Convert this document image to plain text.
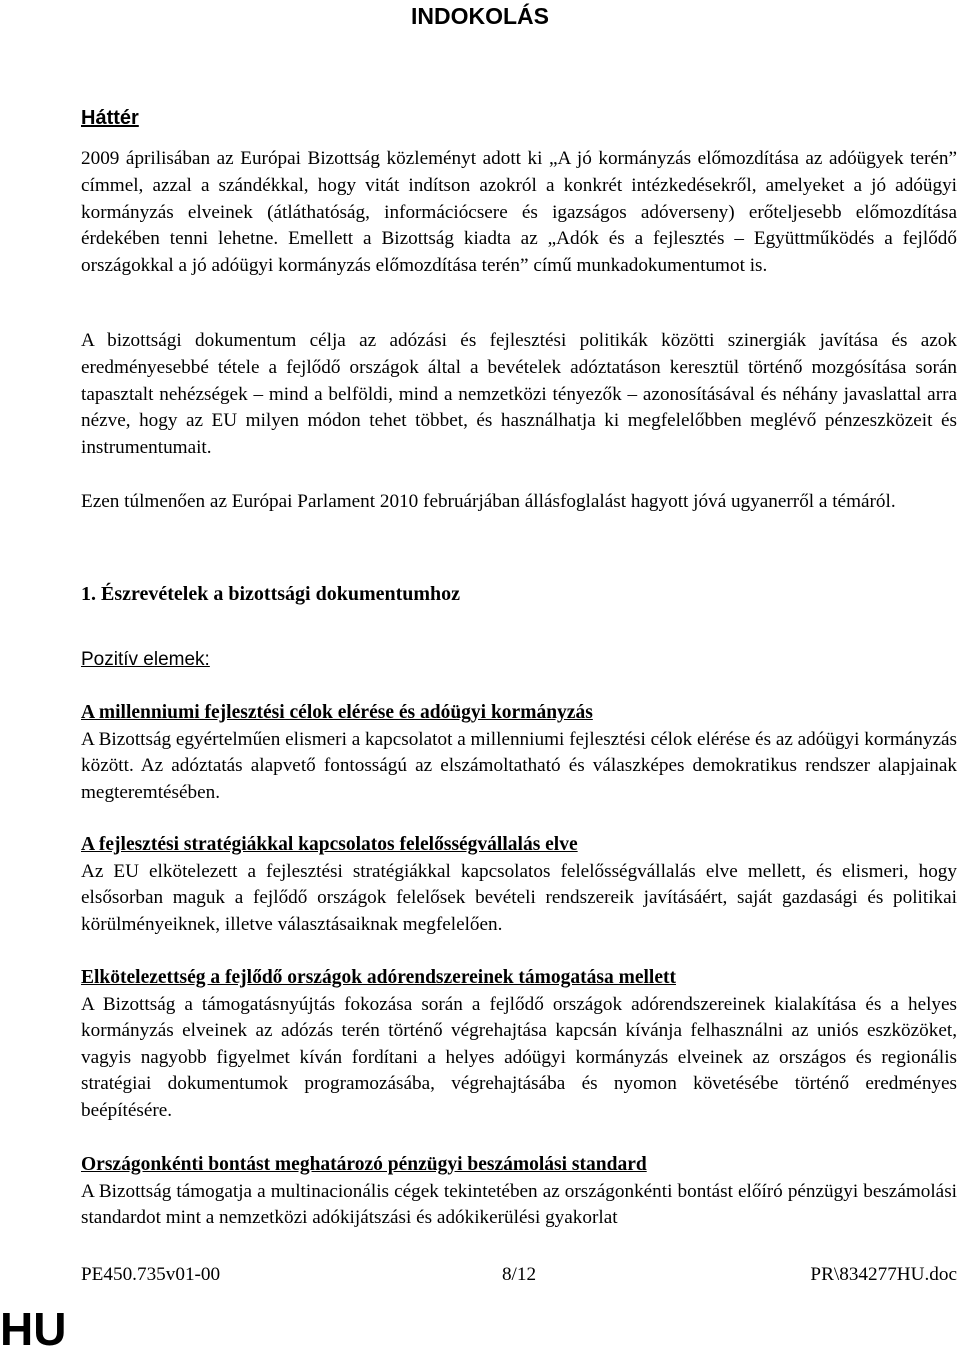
INDOKOLÁS
Háttér

2009 áprilisában az Európai Bizottság közleményt adott ki „A jó kormányzás előmozdítása az adóügyek terén” címmel, azzal a szándékkal, hogy vitát indítson azokról a konkrét intézkedésekről, amelyeket a jó adóügyi kormányzás elveinek (átláthatóság, információcsere és igazságos adóverseny) erőteljesebb előmozdítása érdekében tenni lehetne. Emellett a Bizottság kiadta az „Adók és a fejlesztés – Együttműködés a fejlődő országokkal a jó adóügyi kormányzás előmozdítása terén” című munkadokumentumot is.

A bizottsági dokumentum célja az adózási és fejlesztési politikák közötti szinergiák javítása és azok eredményesebbé tétele a fejlődő országok által a bevételek adóztatáson keresztül történő mozgósítása során tapasztalt nehézségek – mind a belföldi, mind a nemzetközi tényezők – azonosításával és néhány javaslattal arra nézve, hogy az EU milyen módon tehet többet, és használhatja ki megfelelőbben meglévő pénzeszközeit és instrumentumait.

Ezen túlmenően az Európai Parlament 2010 februárjában állásfoglalást hagyott jóvá ugyanerről a témáról.

1. Észrevételek a bizottsági dokumentumhoz
Pozitív elemek:

A millenniumi fejlesztési célok elérése és adóügyi kormányzás

A Bizottság egyértelműen elismeri a kapcsolatot a millenniumi fejlesztési célok elérése és az adóügyi kormányzás között. Az adóztatás alapvető fontosságú az elszámoltatható és válaszképes demokratikus rendszer alapjainak megteremtésében.

A fejlesztési stratégiákkal kapcsolatos felelősségvállalás elve

Az EU elkötelezett a fejlesztési stratégiákkal kapcsolatos felelősségvállalás elve mellett, és elismeri, hogy elsősorban maguk a fejlődő országok felelősek bevételi rendszereik javításáért, saját gazdasági és politikai körülményeiknek, illetve választásaiknak megfelelően.

Elkötelezettség a fejlődő országok adórendszereinek támogatása mellett

A Bizottság a támogatásnyújtás fokozása során a fejlődő országok adórendszereinek kialakítása és a helyes kormányzás elveinek az adózás terén történő végrehajtása kapcsán kívánja felhasználni az uniós eszközöket, vagyis nagyobb figyelmet kíván fordítani a helyes adóügyi kormányzás elveinek az országos és regionális stratégiai dokumentumok programozásába, végrehajtásába és nyomon követésébe történő eredményes beépítésére.

Országonkénti bontást meghatározó pénzügyi beszámolási standard

A Bizottság támogatja a multinacionális cégek tekintetében az országonkénti bontást előíró pénzügyi beszámolási standardot mint a nemzetközi adókijátszási és adókikerülési gyakorlat

PE450.735v01-00	8/12	PR\834277HU.doc
HU
